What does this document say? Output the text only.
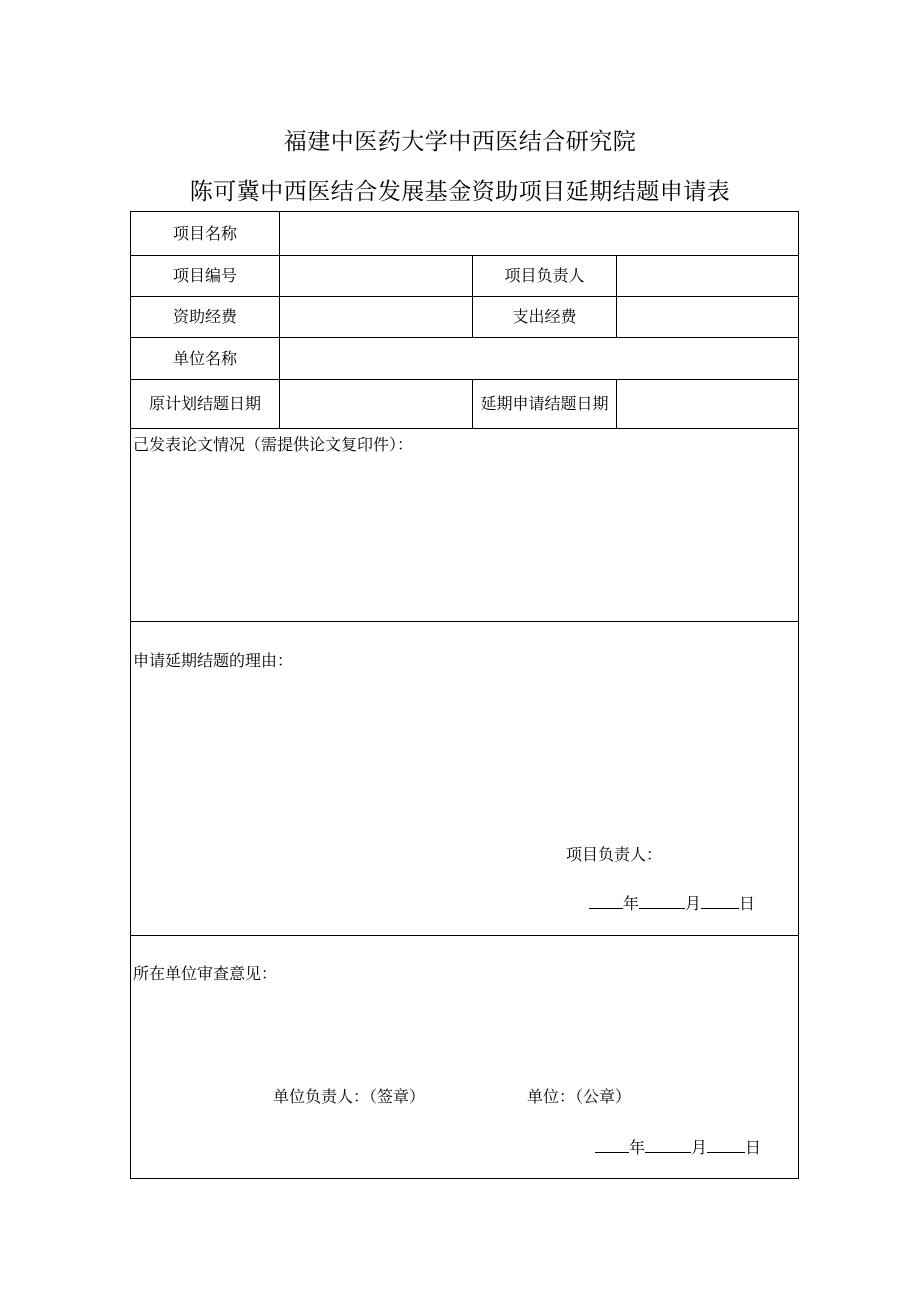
福建中医药大学中西医结合研究院
陈可冀中西医结合发展基金资助项目延期结题申请表
项目名称
项目编号	项目负责人
资助经费	支出经费
单位名称
原计划结题日期	延期申请结题日期
己发表论文情况（需提供论文复印件）：
申请延期结题的理由：
项目负责人：
年	月 日
所在单位审查意见：
单位负责人：（签章）	单位：（公章）
年	月 日
